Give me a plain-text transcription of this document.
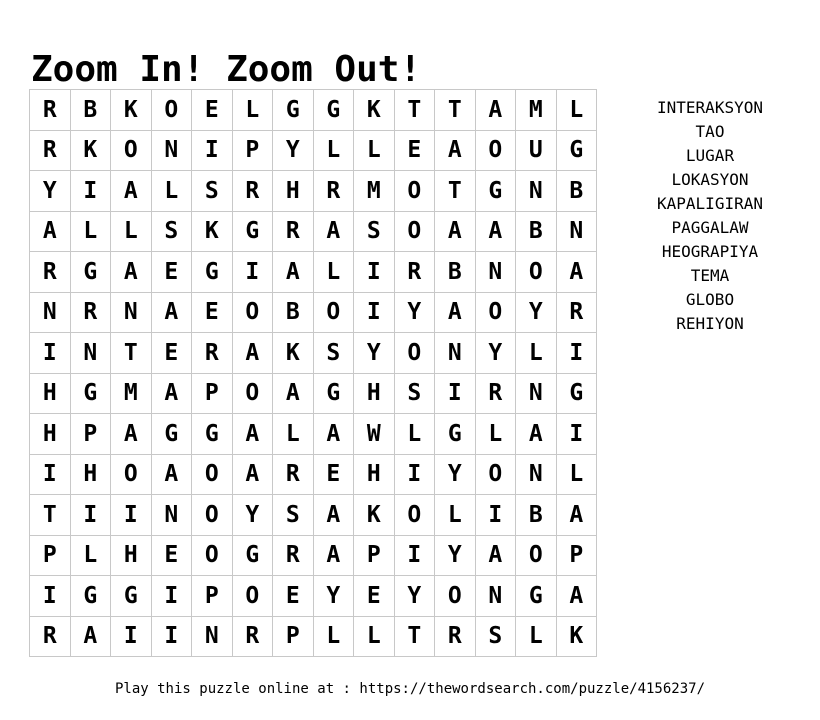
Zoom In! Zoom Out!
R	B	K	O	E	L	G	G	K	T	T	A	M	L
R	K	O	N	I	P	Y	L	L	E	A	O	U	G
Y	I	A	L	S	R	H	R	M	O	T	G	N	B
A	L	L	S	K	G	R	A	S	O	A	A	B	N
R	G	A	E	G	I	A	L	I	R	B	N	O	A
N	R	N	A	E	O	B	O	I	Y	A	O	Y	R
I	N	T	E	R	A	K	S	Y	O	N	Y	L	I
H	G	M	A	P	O	A	G	H	S	I	R	N	G
H	P	A	G	G	A	L	A	W	L	G	L	A	I
I	H	O	A	O	A	R	E	H	I	Y	O	N	L
T	I	I	N	O	Y	S	A	K	O	L	I	B	A
P	L	H	E	O	G	R	A	P	I	Y	A	O	P
I	G	G	I	P	O	E	Y	E	Y	O	N	G	A
R	A	I	I	N	R	P	L	L	T	R	S	L	K
INTERAKSYON
TAO
LUGAR
LOKASYON
KAPALIGIRAN
PAGGALAW
HEOGRAPIYA
TEMA
GLOBO
REHIYON
Play this puzzle online at : https://thewordsearch.com/puzzle/4156237/
